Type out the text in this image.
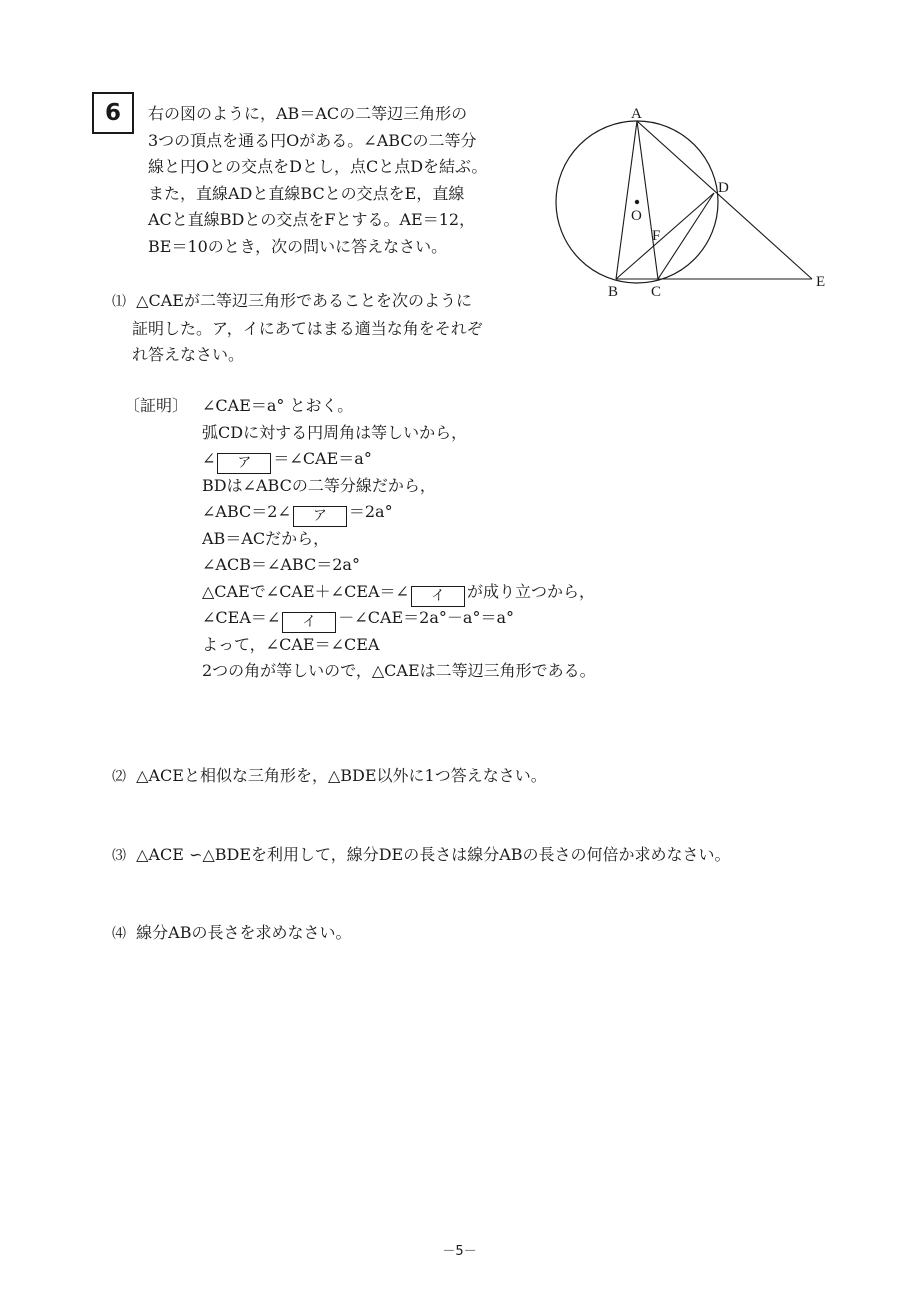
6 右の図のように，AB＝ACの二等辺三角形の
3つの頂点を通る円Oがある。∠ABCの二等分
線と円Oとの交点をDとし，点Cと点Dを結ぶ。
また，直線ADと直線BCとの交点をE，直線
ACと直線BDとの交点をFとする。AE＝12，
BE＝10のとき，次の問いに答えなさい。
A
B C
D
E
F
O
⑴ △CAEが二等辺三角形であることを次のように
証明した。ア，イにあてはまる適当な角をそれぞ
れ答えなさい。
〔証明〕 ∠CAE＝a° とおく。
弧CDに対する円周角は等しいから，
∠ ア ＝∠CAE＝a°
BDは∠ABCの二等分線だから，
∠ABC＝2∠ ア ＝2a°
AB＝ACだから，
∠ACB＝∠ABC＝2a°
△CAEで∠CAE＋∠CEA＝∠ イ が成り立つから，
∠CEA＝∠ イ －∠CAE＝2a°－a°＝a°
よって，∠CAE＝∠CEA
2つの角が等しいので，△CAEは二等辺三角形である。
⑵ △ACEと相似な三角形を，△BDE以外に1つ答えなさい。
⑶ △ACE ∽△BDEを利用して，線分DEの長さは線分ABの長さの何倍か求めなさい。
⑷ 線分ABの長さを求めなさい。
－5－
